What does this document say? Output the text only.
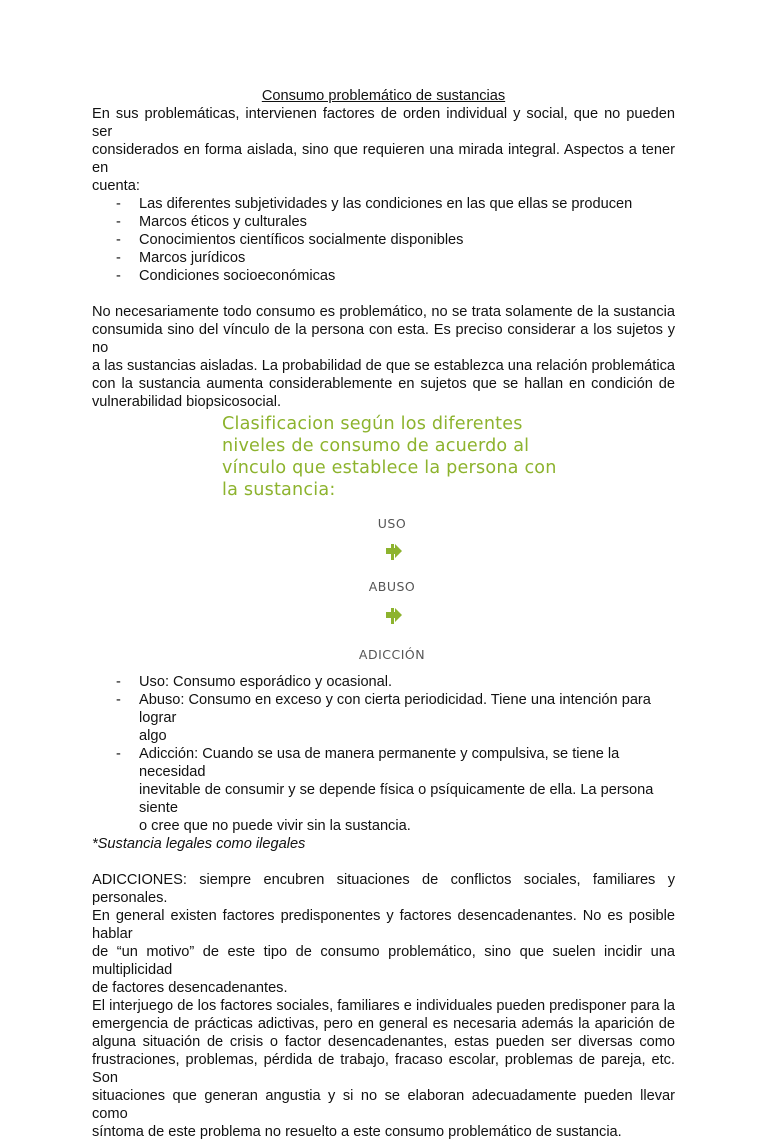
Consumo problemático de sustancias
En sus problemáticas, intervienen factores de orden individual y social, que no pueden ser
considerados en forma aislada, sino que requieren una mirada integral. Aspectos a tener en
cuenta:
- Las diferentes subjetividades y las condiciones en las que ellas se producen
- Marcos éticos y culturales
- Conocimientos científicos socialmente disponibles
- Marcos jurídicos
- Condiciones socioeconómicas
No necesariamente todo consumo es problemático, no se trata solamente de la sustancia
consumida sino del vínculo de la persona con esta. Es preciso considerar a los sujetos y no
a las sustancias aisladas. La probabilidad de que se establezca una relación problemática
con la sustancia aumenta considerablemente en sujetos que se hallan en condición de
vulnerabilidad biopsicosocial.
Clasificacion según los diferentes
niveles de consumo de acuerdo al
vínculo que establece la persona con
la sustancia:
USO
ABUSO
ADICCIÓN
- Uso: Consumo esporádico y ocasional.
- Abuso: Consumo en exceso y con cierta periodicidad. Tiene una intención para lograr
algo
- Adicción: Cuando se usa de manera permanente y compulsiva, se tiene la necesidad
inevitable de consumir y se depende física o psíquicamente de ella. La persona siente
o cree que no puede vivir sin la sustancia.
*Sustancia legales como ilegales
ADICCIONES: siempre encubren situaciones de conflictos sociales, familiares y personales.
En general existen factores predisponentes y factores desencadenantes. No es posible hablar
de “un motivo” de este tipo de consumo problemático, sino que suelen incidir una multiplicidad
de factores desencadenantes.
El interjuego de los factores sociales, familiares e individuales pueden predisponer para la
emergencia de prácticas adictivas, pero en general es necesaria además la aparición de
alguna situación de crisis o factor desencadenantes, estas pueden ser diversas como
frustraciones, problemas, pérdida de trabajo, fracaso escolar, problemas de pareja, etc. Son
situaciones que generan angustia y si no se elaboran adecuadamente pueden llevar como
síntoma de este problema no resuelto a este consumo problemático de sustancia.
